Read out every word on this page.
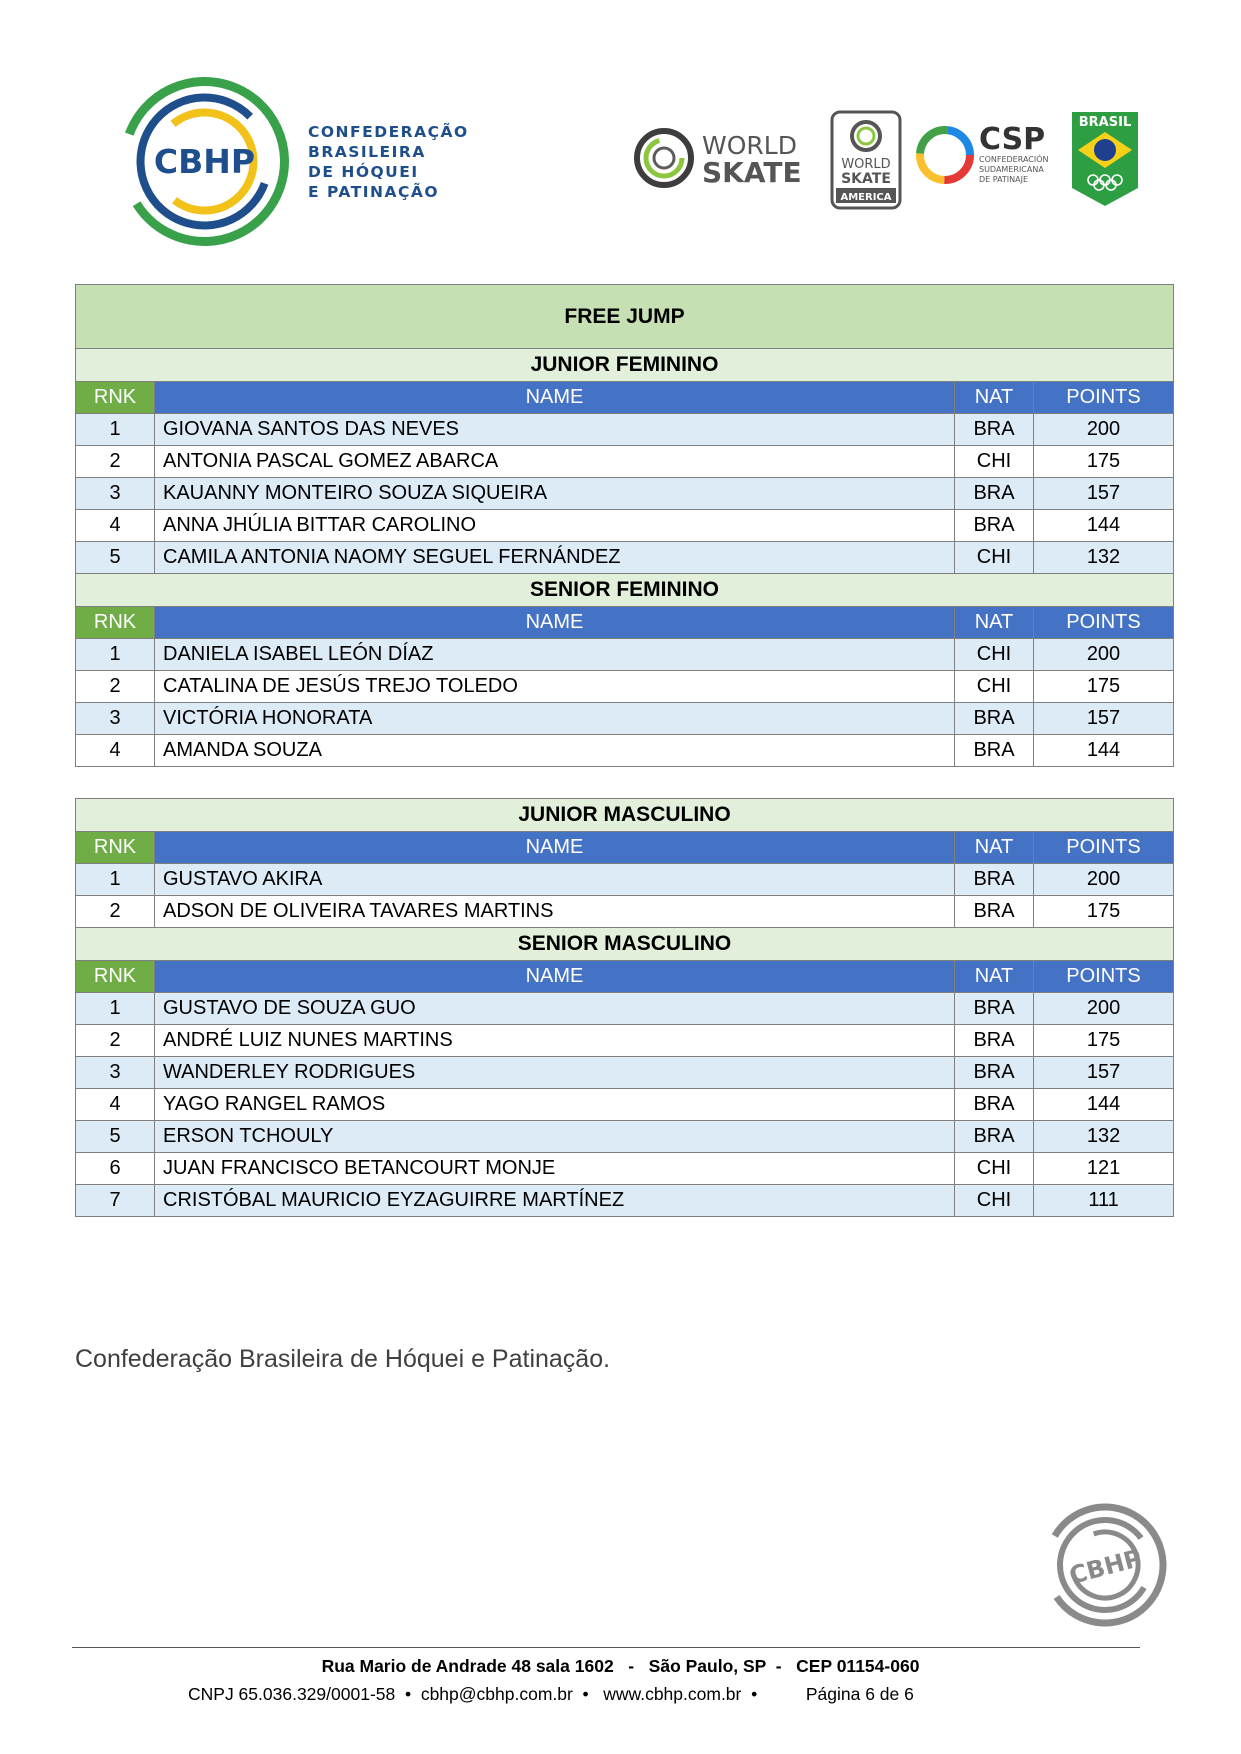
CBHP
CONFEDERAÇÃO
BRASILEIRA
DE HÓQUEI
E PATINAÇÃO
WORLD
SKATE	WORLD
SKATE
AMERICA
CSP
CONFEDERACIÓN
SUDAMERICANA
DE PATINAJE
BRASIL
FREE JUMP			
JUNIOR FEMININO			
RNK	NAME	NAT	POINTS
1	GIOVANA SANTOS DAS NEVES	BRA	200
2	ANTONIA PASCAL GOMEZ ABARCA	CHI	175
3	KAUANNY MONTEIRO SOUZA SIQUEIRA	BRA	157
4	ANNA JHÚLIA BITTAR CAROLINO	BRA	144
5	CAMILA ANTONIA NAOMY SEGUEL FERNÁNDEZ	CHI	132
SENIOR FEMININO			
RNK	NAME	NAT	POINTS
1	DANIELA ISABEL LEÓN DÍAZ	CHI	200
2	CATALINA DE JESÚS TREJO TOLEDO	CHI	175
3	VICTÓRIA HONORATA	BRA	157
4	AMANDA SOUZA	BRA	144
JUNIOR MASCULINO			
RNK	NAME	NAT	POINTS
1	GUSTAVO AKIRA	BRA	200
2	ADSON DE OLIVEIRA TAVARES MARTINS	BRA	175
SENIOR MASCULINO			
RNK	NAME	NAT	POINTS
1	GUSTAVO DE SOUZA GUO	BRA	200
2	ANDRÉ LUIZ NUNES MARTINS	BRA	175
3	WANDERLEY RODRIGUES	BRA	157
4	YAGO RANGEL RAMOS	BRA	144
5	ERSON TCHOULY	BRA	132
6	JUAN FRANCISCO BETANCOURT MONJE	CHI	121
7	CRISTÓBAL MAURICIO EYZAGUIRRE MARTÍNEZ	CHI	111
Confederação Brasileira de Hóquei e Patinação.
CBHP
Rua Mario de Andrade 48 sala 1602   -   São Paulo, SP  -   CEP 01154-060
CNPJ 65.036.329/0001-58  •  cbhp@cbhp.com.br  •   www.cbhp.com.br  •          Página 6 de 6
